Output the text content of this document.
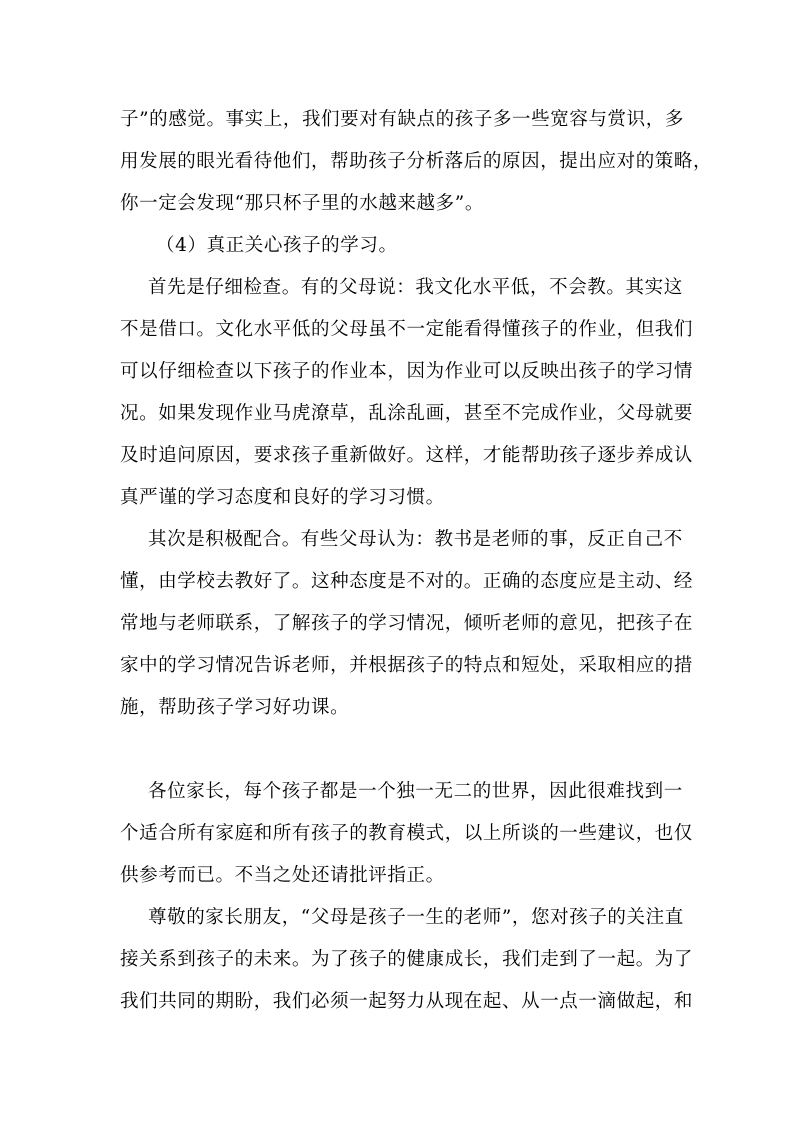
子”的感觉。事实上，我们要对有缺点的孩子多一些宽容与赏识，多
用发展的眼光看待他们，帮助孩子分析落后的原因，提出应对的策略，
你一定会发现“那只杯子里的水越来越多”。
（4）真正关心孩子的学习。
首先是仔细检查。有的父母说：我文化水平低，不会教。其实这
不是借口。文化水平低的父母虽不一定能看得懂孩子的作业，但我们
可以仔细检查以下孩子的作业本，因为作业可以反映出孩子的学习情
况。如果发现作业马虎潦草，乱涂乱画，甚至不完成作业，父母就要
及时追问原因，要求孩子重新做好。这样，才能帮助孩子逐步养成认
真严谨的学习态度和良好的学习习惯。
其次是积极配合。有些父母认为：教书是老师的事，反正自己不
懂，由学校去教好了。这种态度是不对的。正确的态度应是主动、经
常地与老师联系，了解孩子的学习情况，倾听老师的意见，把孩子在
家中的学习情况告诉老师，并根据孩子的特点和短处，采取相应的措
施，帮助孩子学习好功课。
各位家长，每个孩子都是一个独一无二的世界，因此很难找到一
个适合所有家庭和所有孩子的教育模式，以上所谈的一些建议，也仅
供参考而已。不当之处还请批评指正。
尊敬的家长朋友，“父母是孩子一生的老师”，您对孩子的关注直
接关系到孩子的未来。为了孩子的健康成长，我们走到了一起。为了
我们共同的期盼，我们必须一起努力从现在起、从一点一滴做起，和
